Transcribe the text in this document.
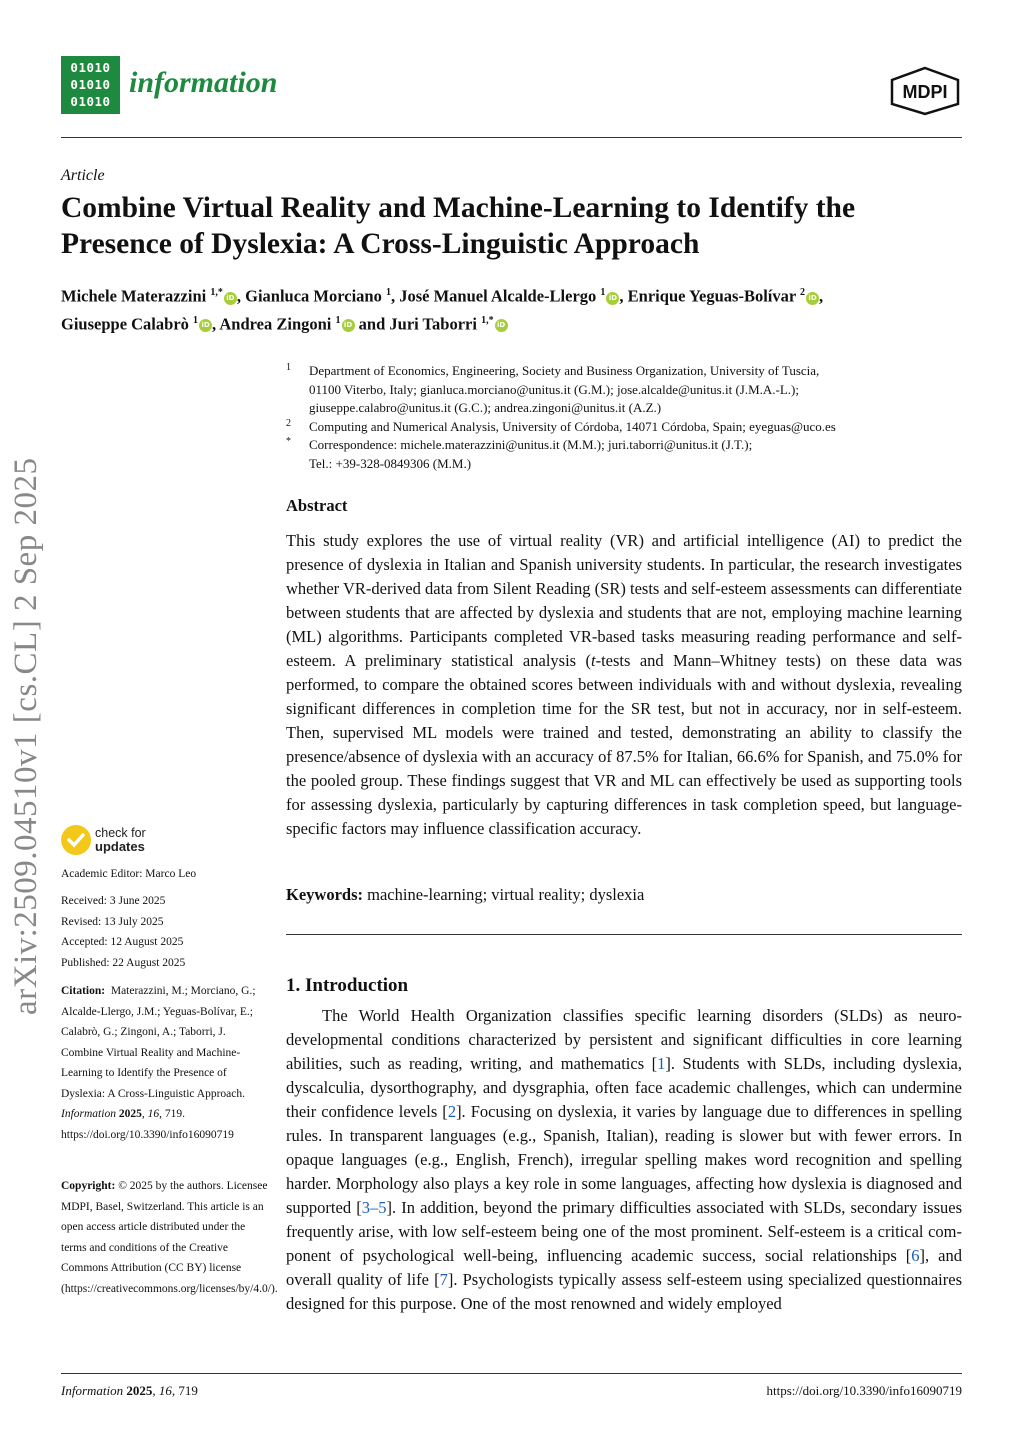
01010
01010
01010
information	MDPI
Article
Combine Virtual Reality and Machine-Learning to Identify the
Presence of Dyslexia: A Cross-Linguistic Approach
Michele Materazzini $^{1,*}$ iD , Gianluca Morciano $^1$, José Manuel Alcalde-Llergo $^1$ iD , Enrique Yeguas-Bolívar $^2$ iD ,
Giuseppe Calabrò $^1$ iD , Andrea Zingoni $^1$ iD and Juri Taborri $^{1,*}$ iD
1 Department of Economics, Engineering, Society and Business Organization, University of Tuscia,
01100 Viterbo, Italy; gianluca.morciano@unitus.it (G.M.); jose.alcalde@unitus.it (J.M.A.-L.);
giuseppe.calabro@unitus.it (G.C.); andrea.zingoni@unitus.it (A.Z.)
2 Computing and Numerical Analysis, University of Córdoba, 14071 Córdoba, Spain; eyeguas@uco.es
* Correspondence: michele.materazzini@unitus.it (M.M.); juri.taborri@unitus.it (J.T.);
Tel.: +39-328-0849306 (M.M.)
Abstract
This study explores the use of virtual reality (VR) and artificial intelligence (AI) to predict the presence of dyslexia in Italian and Spanish university students. In particular, the research investigates whether VR-derived data from Silent Reading (SR) tests and self-esteem assessments can differentiate between students that are affected by dyslexia and students that are not, employing machine learning (ML) algorithms. Participants completed VR-based tasks measuring reading performance and self-esteem. A preliminary statistical analysis (t-tests and Mann–Whitney tests) on these data was performed, to compare the obtained scores between individuals with and without dyslexia, revealing significant differences in completion time for the SR test, but not in accuracy, nor in self-esteem. Then, supervised ML models were trained and tested, demonstrating an ability to classify the presence/absence of dyslexia with an accuracy of 87.5% for Italian, 66.6% for Spanish, and 75.0% for the pooled group. These findings suggest that VR and ML can effectively be used as supporting tools for assessing dyslexia, particularly by capturing differences in task completion speed, but language-specific factors may influence classification accuracy.
Keywords: machine-learning; virtual reality; dyslexia
1. Introduction
The World Health Organization classifies specific learning disorders (SLDs) as neuro-developmental conditions characterized by persistent and significant difficulties in core learning abilities, such as reading, writing, and mathematics [1]. Students with SLDs, including dyslexia, dyscalculia, dysorthography, and dysgraphia, often face academic challenges, which can undermine their confidence levels [2]. Focusing on dyslexia, it varies by language due to differences in spelling rules. In transparent languages (e.g., Spanish, Italian), reading is slower but with fewer errors. In opaque languages (e.g., English, French), irregular spelling makes word recognition and spelling harder. Morphology also plays a key role in some languages, affecting how dyslexia is diagnosed and supported [3–5]. In addition, beyond the primary difficulties associated with SLDs, secondary issues frequently arise, with low self-esteem being one of the most prominent. Self-esteem is a critical com-ponent of psychological well-being, influencing academic success, social relationships [6], and overall quality of life [7]. Psychologists typically assess self-esteem using specialized questionnaires designed for this purpose. One of the most renowned and widely employed
arXiv:2509.04510v1 [cs.CL] 2 Sep 2025	check for
updates
Academic Editor: Marco Leo
Received: 3 June 2025
Revised: 13 July 2025
Accepted: 12 August 2025
Published: 22 August 2025
Citation: Materazzini, M.; Morciano, G.; Alcalde-Llergo, J.M.; Yeguas-Bolívar, E.; Calabrò, G.; Zingoni, A.; Taborri, J. Combine Virtual Reality and Machine-Learning to Identify the Presence of Dyslexia: A Cross-Linguistic Approach. Information 2025, 16, 719. https://doi.org/10.3390/info16090719
Copyright: © 2025 by the authors. Licensee MDPI, Basel, Switzerland. This article is an open access article distributed under the terms and conditions of the Creative Commons Attribution (CC BY) license (https://creativecommons.org/licenses/by/4.0/).
Information 2025, 16, 719	https://doi.org/10.3390/info16090719
